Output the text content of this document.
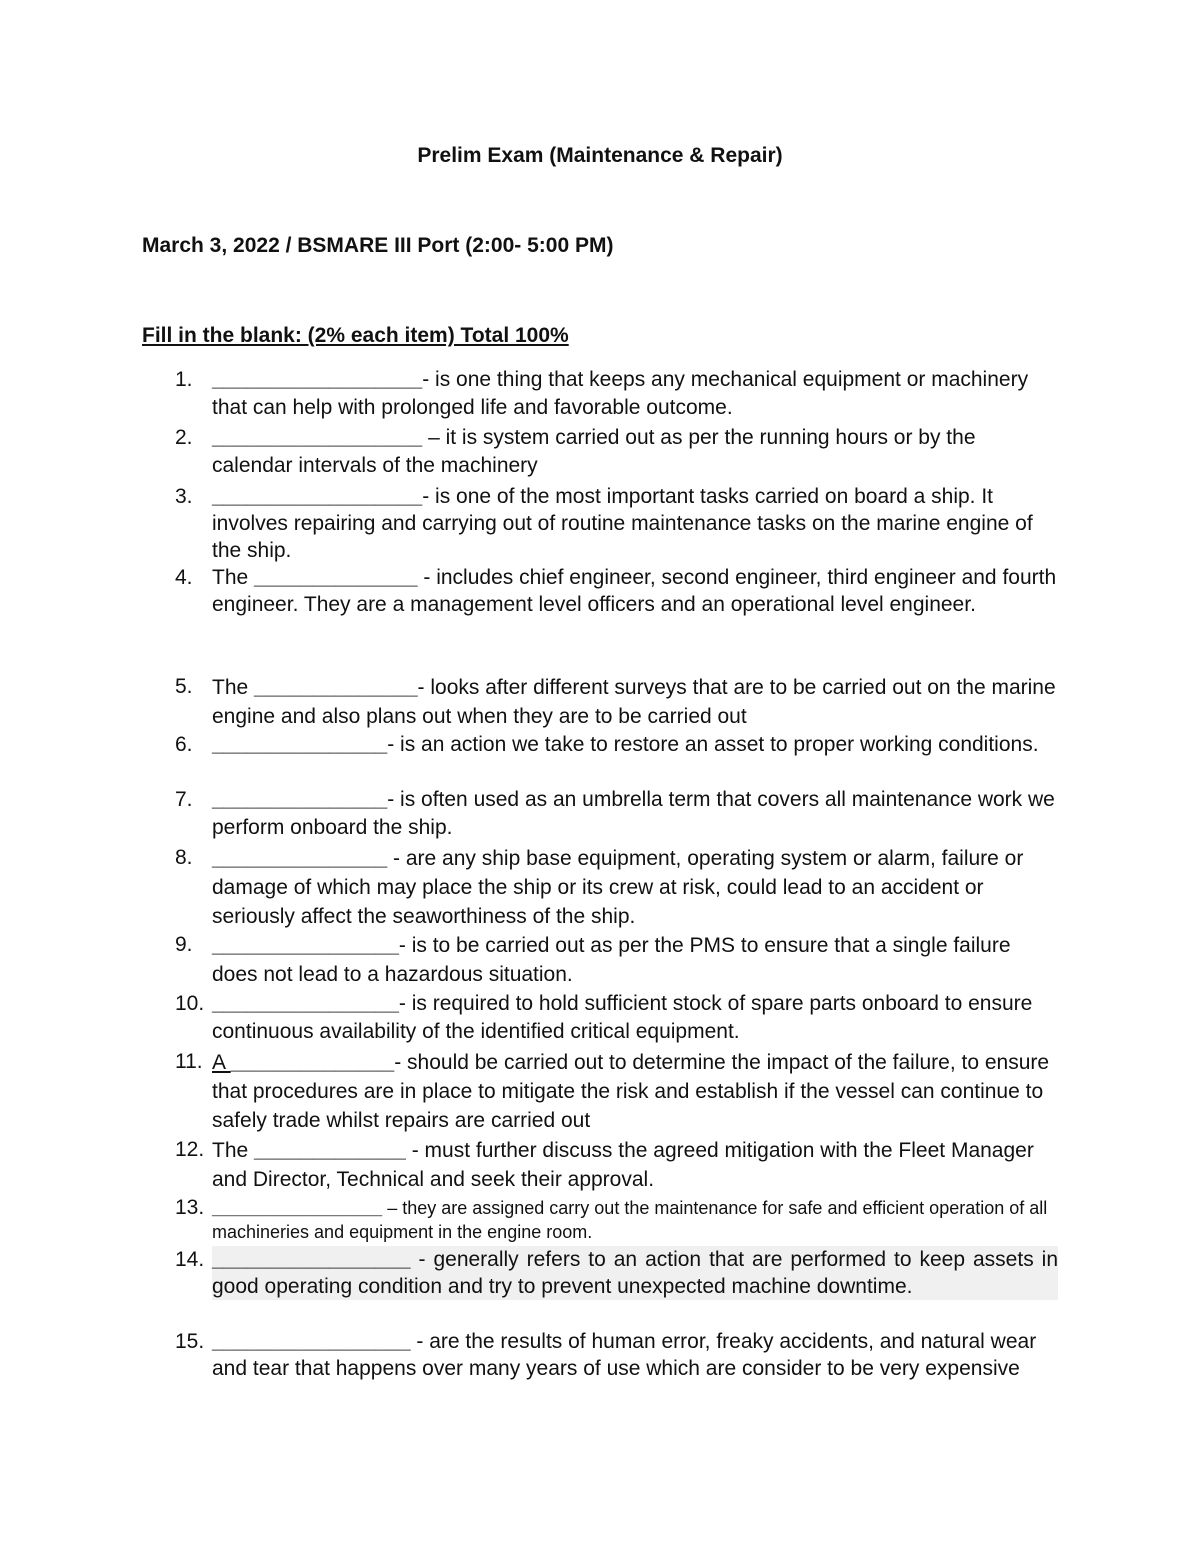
Prelim Exam (Maintenance & Repair)
March 3, 2022 / BSMARE III Port (2:00- 5:00 PM)
Fill in the blank: (2% each item) Total 100%
1. __________________- is one thing that keeps any mechanical equipment or machinery that can help with prolonged life and favorable outcome.
2. __________________ – it is system carried out as per the running hours or by the calendar intervals of the machinery
3. __________________- is one of the most important tasks carried on board a ship. It involves repairing and carrying out of routine maintenance tasks on the marine engine of the ship.
4. The ______________ - includes chief engineer, second engineer, third engineer and fourth engineer. They are a management level officers and an operational level engineer.
5. The ______________- looks after different surveys that are to be carried out on the marine engine and also plans out when they are to be carried out
6. _______________- is an action we take to restore an asset to proper working conditions.
7. _______________- is often used as an umbrella term that covers all maintenance work we perform onboard the ship.
8. _______________ - are any ship base equipment, operating system or alarm, failure or damage of which may place the ship or its crew at risk, could lead to an accident or seriously affect the seaworthiness of the ship.
9. ________________- is to be carried out as per the PMS to ensure that a single failure does not lead to a hazardous situation.
10. ________________- is required to hold sufficient stock of spare parts onboard to ensure continuous availability of the identified critical equipment.
11. A ______________- should be carried out to determine the impact of the failure, to ensure that procedures are in place to mitigate the risk and establish if the vessel can continue to safely trade whilst repairs are carried out
12. The _____________ - must further discuss the agreed mitigation with the Fleet Manager and Director, Technical and seek their approval.
13. _________________ – they are assigned carry out the maintenance for safe and efficient operation of all machineries and equipment in the engine room.
14. _________________ - generally refers to an action that are performed to keep assets in good operating condition and try to prevent unexpected machine downtime.
15. _________________ - are the results of human error, freaky accidents, and natural wear and tear that happens over many years of use which are consider to be very expensive
